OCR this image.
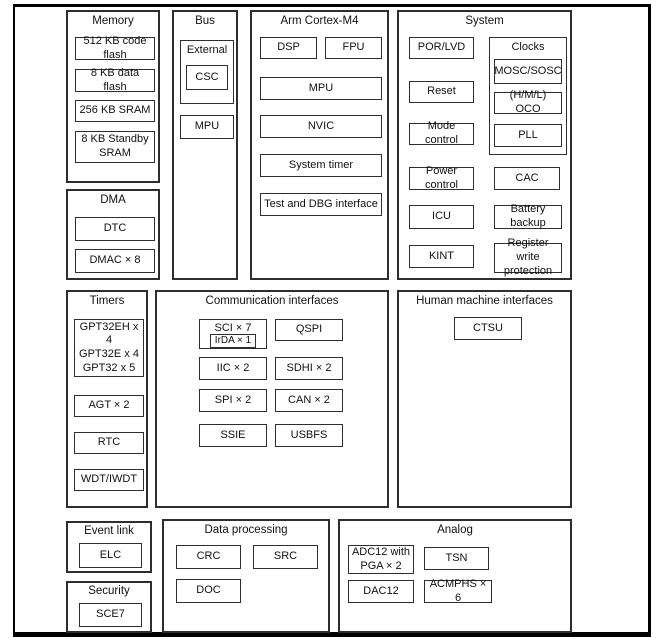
Memory
512 KB code flash
8 KB data flash
256 KB SRAM
8 KB Standby SRAM
DMA
DTC
DMAC × 8
Bus
External
CSC
MPU
Arm Cortex-M4
DSP	FPU
MPU
NVIC
System timer
Test and DBG interface
System
POR/LVD
Reset
Mode control
Power control
ICU
KINT
Clocks
MOSC/SOSC
(H/M/L) OCO
PLL
CAC
Battery backup
Register write protection
Timers
GPT32EH x 4
GPT32E x 4
GPT32 x 5
AGT × 2
RTC
WDT/IWDT
Communication interfaces
SCI × 7
IrDA × 1
QSPI
IIC × 2	SDHI × 2
SPI × 2	CAN × 2
SSIE	USBFS
Human machine interfaces
CTSU
Event link
ELC
Security
SCE7
Data processing
CRC	SRC
DOC
Analog
ADC12 with PGA × 2
TSN
DAC12
ACMPHS × 6
